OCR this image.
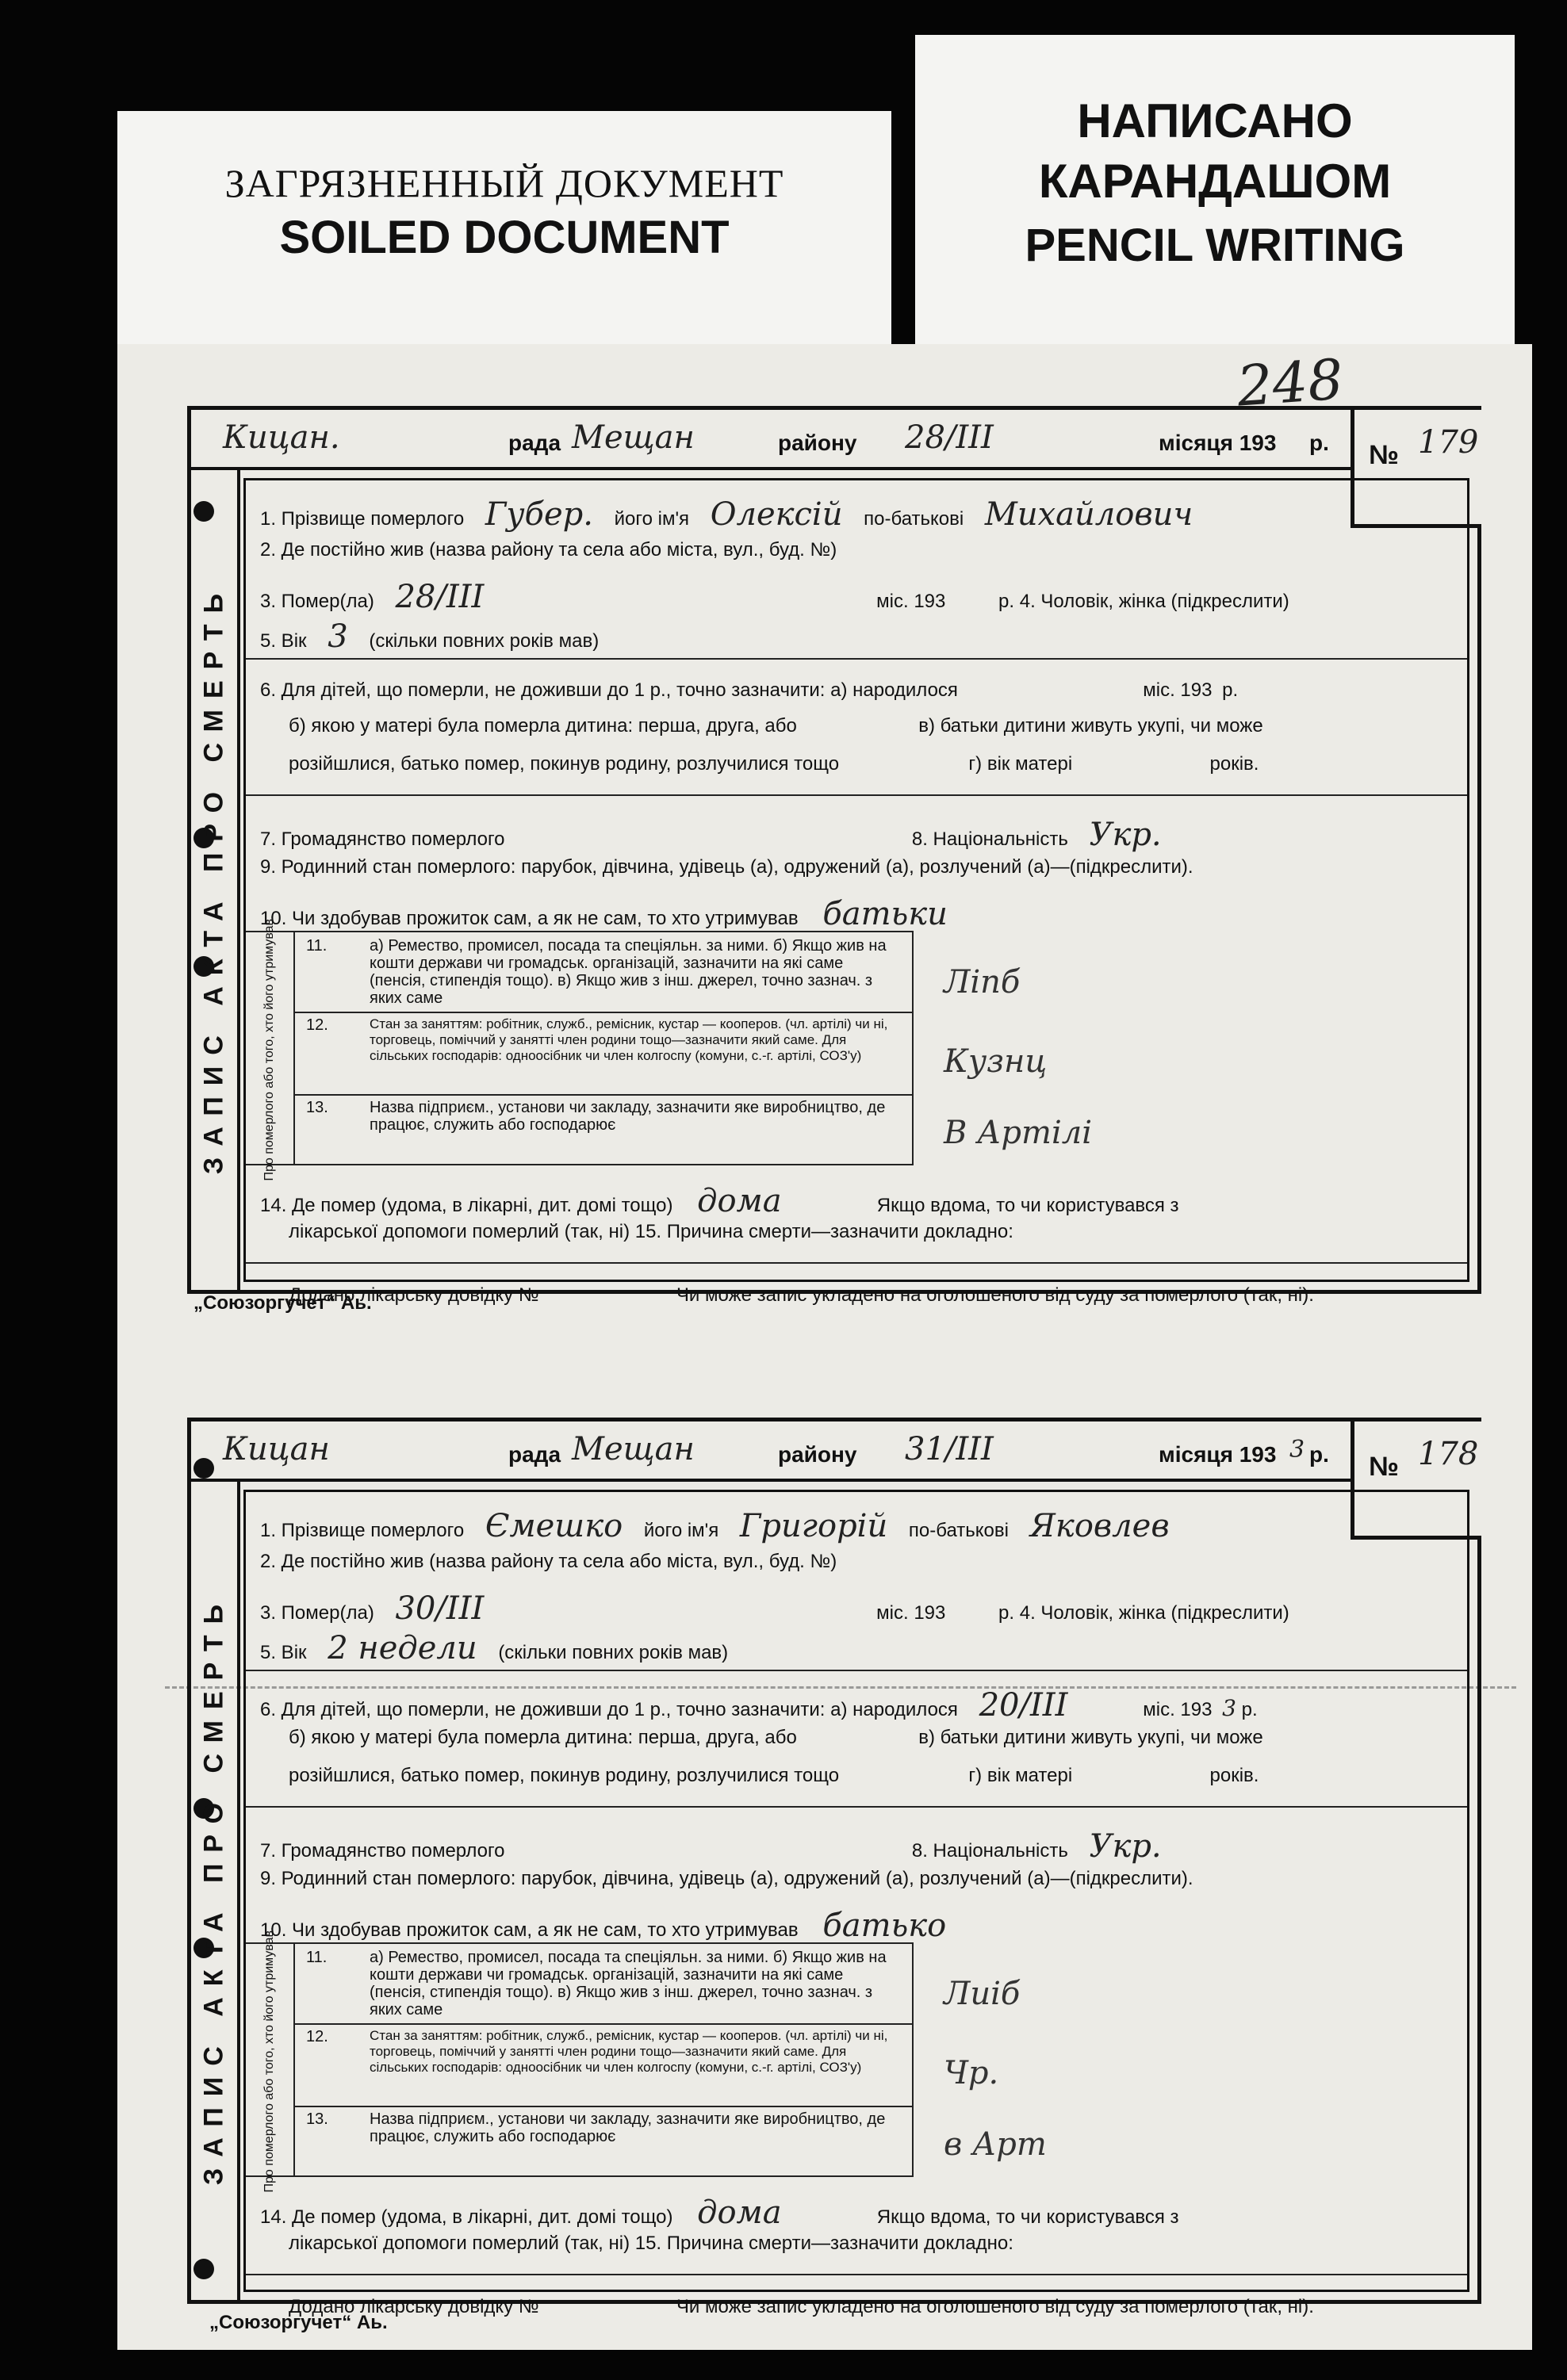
ЗАГРЯЗНЕННЫЙ ДОКУМЕНТ
SOILED DOCUMENT
НАПИСАНО
КАРАНДАШОМ
PENCIL WRITING
248
„Союзоргучет“ Аь.
„Союзоргучет“ Аь.
Кицан.	рада Мещан	району 28/ІІІ	місяця 193 р. № 179
ЗАПИС АКТА ПРО СМЕРТЬ
1. Прізвище померлого Губер. його ім'я Олексій по-батькові Михайлович
2. Де постійно жив (назва району та села або міста, вул., буд. №)
3. Помер(ла) 28/ІІІ	міс. 193	р. 4. Чоловік, жінка (підкреслити)
5. Вік 3 (скільки повних років мав)
6. Для дітей, що померли, не доживши до 1 р., точно зазначити: а) народилося	міс. 193 р.
б) якою у матері була померла дитина: перша, друга, або	в) батьки дитини живуть укупі, чи може
розійшлися, батько помер, покинув родину, розлучилися тощо	г) вік матері	років.
7. Громадянство померлого	8. Національність Укр.
9. Родинний стан померлого: парубок, дівчина, удівець (а), одружений (а), розлучений (а)—(підкреслити).
10. Чи здобував прожиток сам, а як не сам, то хто утримував батьки
Про померлого або того, хто його утримував. 11.	а) Ремество, промисел, посада та спеціяльн. за ними. б) Якщо жив на кошти держави чи громадськ. організацій, зазначити на які саме (пенсія, стипендія тощо). в) Якщо жив з інш. джерел, точно зазнач. з яких саме
12.	Стан за заняттям: робітник, служб., ремісник, кустар — кооперов. (чл. артілі) чи ні, торговець, поміччий у занятті член родини тощо—зазначити який саме. Для сільських господарів: одноосібник чи член колгоспу (комуни, с.-г. артілі, СОЗ'у)
13.	Назва підприєм., установи чи закладу, зазначити яке виробництво, де працює, служить або господарює
Ліпб
Кузнц
В Артілі
14. Де помер (удома, в лікарні, дит. домі тощо) дома	Якщо вдома, то чи користувався з
лікарської допомоги померлий (так, ні) 15. Причина смерти—зазначити докладно:
Додано лікарську довідку №	Чи може запис укладено на оголошеного від суду за померлого (так, ні).
Кицан	рада Мещан	району 31/ІІІ	місяця 193 3 р. № 178
ЗАПИС АКТА ПРО СМЕРТЬ
1. Прізвище померлого Ємешко його ім'я Григорій по-батькові Яковлев
2. Де постійно жив (назва району та села або міста, вул., буд. №)
3. Помер(ла) 30/ІІІ	міс. 193	р. 4. Чоловік, жінка (підкреслити)
5. Вік 2 недели (скільки повних років мав)
6. Для дітей, що померли, не доживши до 1 р., точно зазначити: а) народилося 20/ІІІ	міс. 193 3 р.
б) якою у матері була померла дитина: перша, друга, або	в) батьки дитини живуть укупі, чи може
розійшлися, батько помер, покинув родину, розлучилися тощо	г) вік матері	років.
7. Громадянство померлого	8. Національність Укр.
9. Родинний стан померлого: парубок, дівчина, удівець (а), одружений (а), розлучений (а)—(підкреслити).
10. Чи здобував прожиток сам, а як не сам, то хто утримував батько
Про померлого або того, хто його утримував. 11.	а) Ремество, промисел, посада та спеціяльн. за ними. б) Якщо жив на кошти держави чи громадськ. організацій, зазначити на які саме (пенсія, стипендія тощо). в) Якщо жив з інш. джерел, точно зазнач. з яких саме
12.	Стан за заняттям: робітник, служб., ремісник, кустар — кооперов. (чл. артілі) чи ні, торговець, поміччий у занятті член родини тощо—зазначити який саме. Для сільських господарів: одноосібник чи член колгоспу (комуни, с.-г. артілі, СОЗ'у)
13.	Назва підприєм., установи чи закладу, зазначити яке виробництво, де працює, служить або господарює
Лиіб
Чр.
в Арт
14. Де помер (удома, в лікарні, дит. домі тощо) дома	Якщо вдома, то чи користувався з
лікарської допомоги померлий (так, ні) 15. Причина смерти—зазначити докладно:
Додано лікарську довідку №	Чи може запис укладено на оголошеного від суду за померлого (так, ні).
